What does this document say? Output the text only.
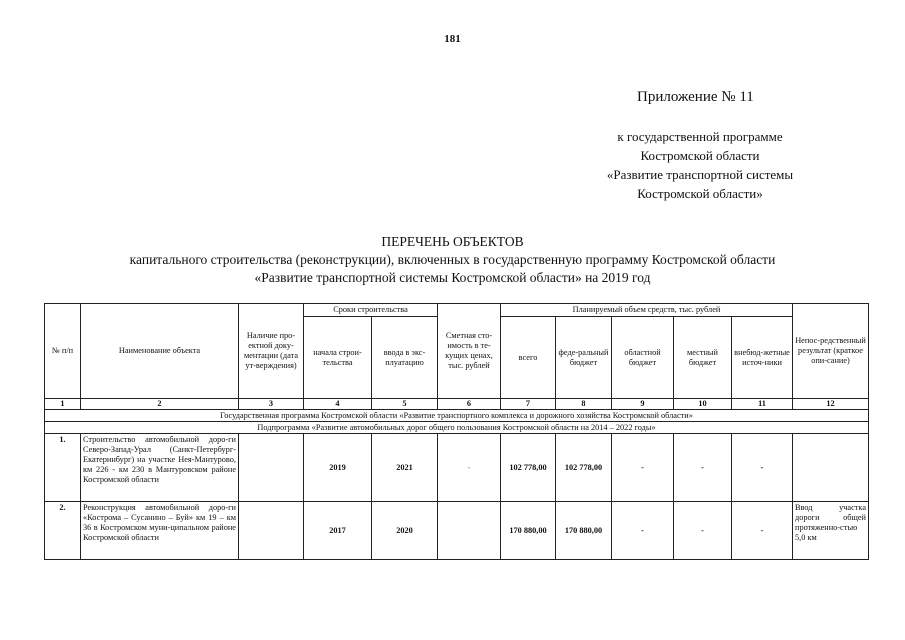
181
Приложение № 11
к государственной программе
Костромской области
«Развитие транспортной системы
Костромской области»
ПЕРЕЧЕНЬ ОБЪЕКТОВ
капитального строительства (реконструкции), включенных в государственную программу Костромской области
«Развитие транспортной системы Костромской области» на 2019 год
№ п/п	Наименование объекта	Наличие про-ектной доку-ментации (дата ут-верждения)	Сроки строительства		Сметная сто-имость в те-кущих ценах, тыс. рублей	Планируемый объем средств, тыс. рублей					Непос-редственный результат (краткое опи-сание)
			начала строи-тельства	ввода в экс-плуатацию		всего	феде-ральный бюджет	областной бюджет	местный бюджет	внебюд-жетные источ-ники	
1	2	3	4	5	6	7	8	9	10	11	12
Государственная программа Костромской области «Развитие транспортного комплекса и дорожного хозяйства Костромской области»											
Подпрограмма «Развитие автомобильных дорог общего пользования Костромской области на 2014 – 2022 годы»											
1.	Строительство автомобильной доро-ги Северо-Запад-Урал (Санкт-Петербург-Екатеринбург) на участке Нея-Мантурово, км 226 - км 230 в Мантуровском районе Костромской области		2019	2021	-	102 778,00	102 778,00	-	-	-	
2.	Реконструкция автомобильной доро-ги «Кострома – Сусанино – Буй» км 19 – км 36 в Костромском муни-ципальном районе Костромской области		2017	2020		170 880,00	170 880,00	-	-	-	Ввод участка дороги общей протяженно-стью 5,0 км
